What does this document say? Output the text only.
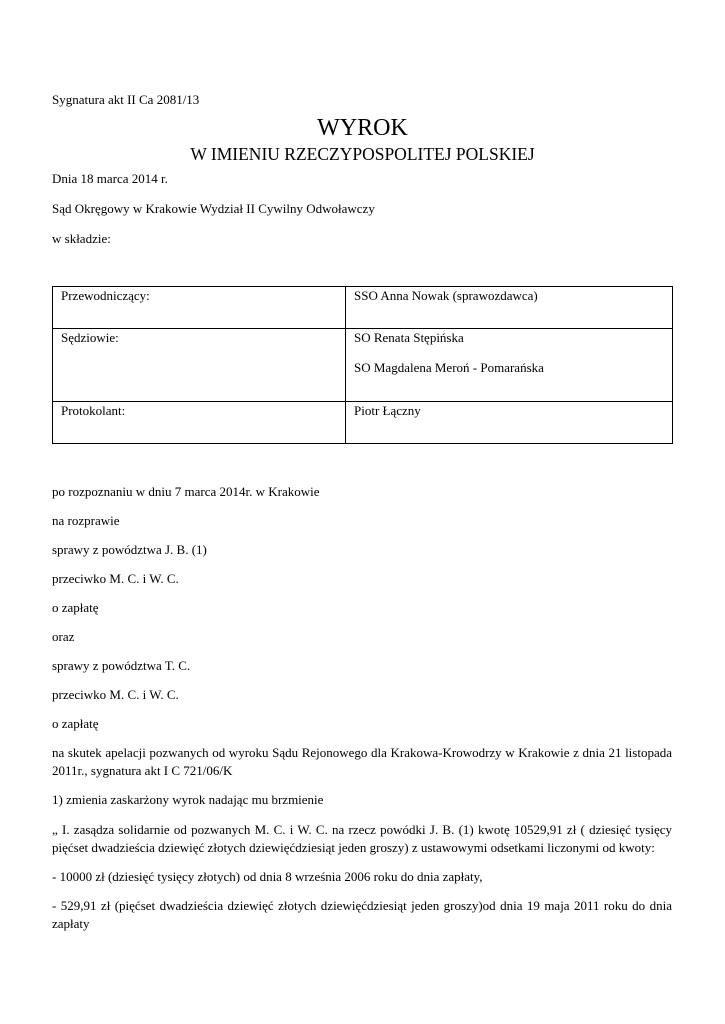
Sygnatura akt II Ca 2081/13

WYROK
W IMIENIU RZECZYPOSPOLITEJ POLSKIEJ

Dnia 18 marca 2014 r.

Sąd Okręgowy w Krakowie Wydział II Cywilny Odwoławczy

w składzie:

Przewodniczący:	SSO Anna Nowak (sprawozdawca)
Sędziowie:	SO Renata Stępińska
SO Magdalena Meroń - Pomarańska

Protokolant:	Piotr Łączny

po rozpoznaniu w dniu 7 marca 2014r. w Krakowie

na rozprawie

sprawy z powództwa J. B. (1)

przeciwko M. C. i W. C.

o zapłatę

oraz

sprawy z powództwa T. C.

przeciwko M. C. i W. C.

o zapłatę

na skutek apelacji pozwanych od wyroku Sądu Rejonowego dla Krakowa-Krowodrzy w Krakowie z dnia 21 listopada 2011r., sygnatura akt I C 721/06/K

1) zmienia zaskarżony wyrok nadając mu brzmienie

„ I. zasądza solidarnie od pozwanych M. C. i W. C. na rzecz powódki J. B. (1) kwotę 10529,91 zł ( dziesięć tysięcy pięćset dwadzieścia dziewięć złotych dziewięćdziesiąt jeden groszy) z ustawowymi odsetkami liczonymi od kwoty:

- 10000 zł (dziesięć tysięcy złotych) od dnia 8 września 2006 roku do dnia zapłaty,

- 529,91 zł (pięćset dwadzieścia dziewięć złotych dziewięćdziesiąt jeden groszy)od dnia 19 maja 2011 roku do dnia zapłaty
